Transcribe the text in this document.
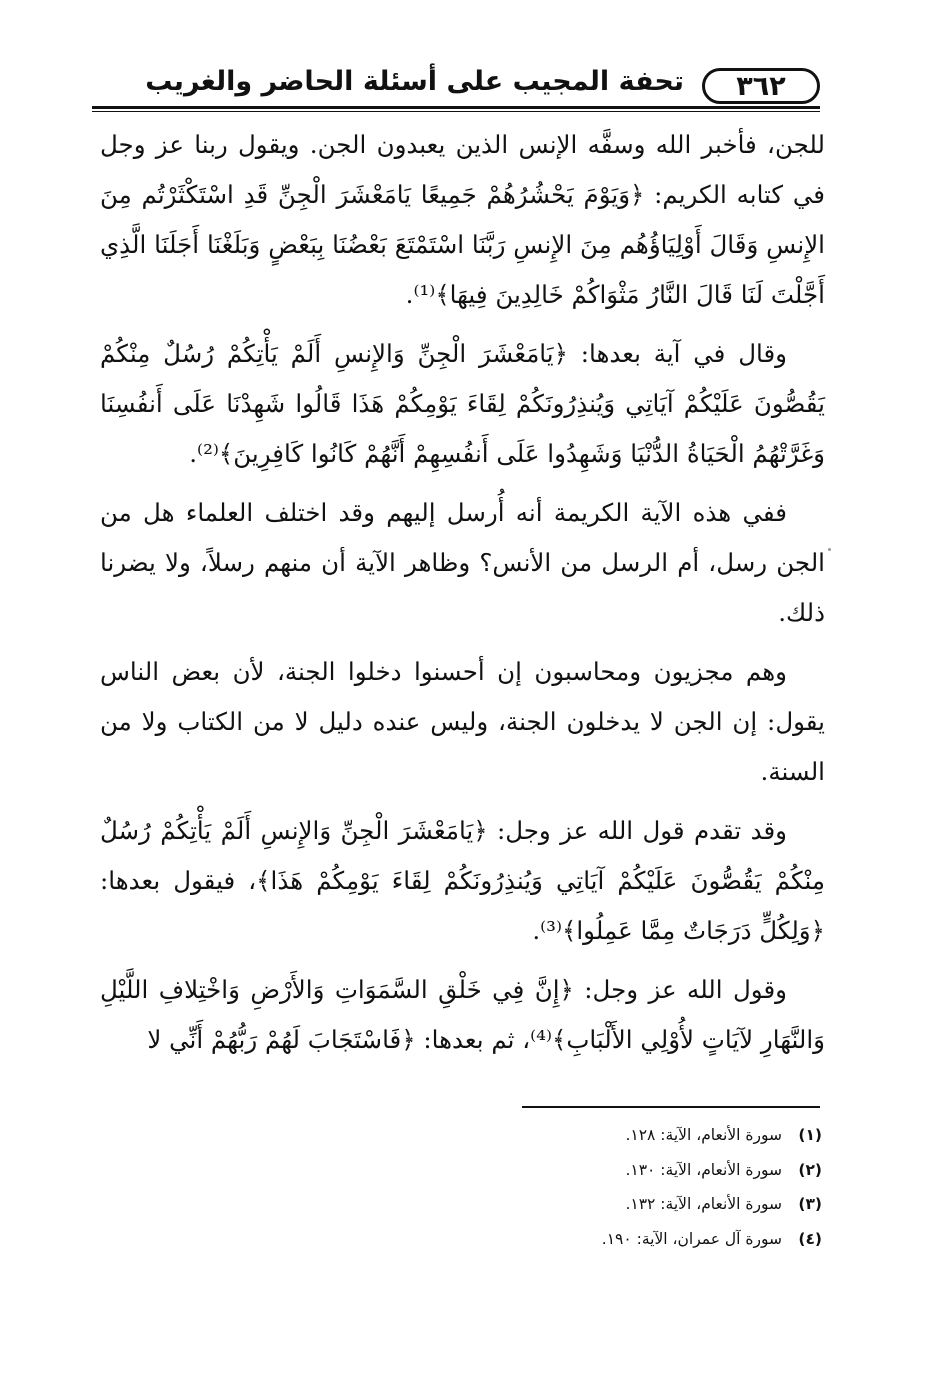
٣٦٢
تحفة المجيب على أسئلة الحاضر والغريب

للجن، فأخبر الله وسفَّه الإنس الذين يعبدون الجن. ويقول ربنا عز وجل في كتابه الكريم: ﴿وَيَوْمَ يَحْشُرُهُمْ جَمِيعًا يَامَعْشَرَ الْجِنِّ قَدِ اسْتَكْثَرْتُم مِنَ الإِنسِ وَقَالَ أَوْلِيَاؤُهُم مِنَ الإِنسِ رَبَّنَا اسْتَمْتَعَ بَعْضُنَا بِبَعْضٍ وَبَلَغْنَا أَجَلَنَا الَّذِي أَجَّلْتَ لَنَا قَالَ النَّارُ مَثْوَاكُمْ خَالِدِينَ فِيهَا﴾⁽¹⁾.

وقال في آية بعدها: ﴿يَامَعْشَرَ الْجِنِّ وَالإِنسِ أَلَمْ يَأْتِكُمْ رُسُلٌ مِنْكُمْ يَقُصُّونَ عَلَيْكُمْ آيَاتِي وَيُنذِرُونَكُمْ لِقَاءَ يَوْمِكُمْ هَذَا قَالُوا شَهِدْنَا عَلَى أَنفُسِنَا وَغَرَّتْهُمُ الْحَيَاةُ الدُّنْيَا وَشَهِدُوا عَلَى أَنفُسِهِمْ أَنَّهُمْ كَانُوا كَافِرِينَ﴾⁽²⁾.

ففي هذه الآية الكريمة أنه أُرسل إليهم وقد اختلف العلماء هل من الجن رسل، أم الرسل من الأنس؟ وظاهر الآية أن منهم رسلاً، ولا يضرنا ذلك.

وهم مجزيون ومحاسبون إن أحسنوا دخلوا الجنة، لأن بعض الناس يقول: إن الجن لا يدخلون الجنة، وليس عنده دليل لا من الكتاب ولا من السنة.

وقد تقدم قول الله عز وجل: ﴿يَامَعْشَرَ الْجِنِّ وَالإِنسِ أَلَمْ يَأْتِكُمْ رُسُلٌ مِنْكُمْ يَقُصُّونَ عَلَيْكُمْ آيَاتِي وَيُنذِرُونَكُمْ لِقَاءَ يَوْمِكُمْ هَذَا﴾، فيقول بعدها: ﴿وَلِكُلٍّ دَرَجَاتٌ مِمَّا عَمِلُوا﴾⁽³⁾.

وقول الله عز وجل: ﴿إِنَّ فِي خَلْقِ السَّمَوَاتِ وَالأَرْضِ وَاخْتِلافِ اللَّيْلِ وَالنَّهَارِ لآيَاتٍ لأُوْلِي الأَلْبَابِ﴾⁽⁴⁾، ثم بعدها: ﴿فَاسْتَجَابَ لَهُمْ رَبُّهُمْ أَنِّي لا

(١)
سورة الأنعام، الآية: ١٢٨.
(٢)
سورة الأنعام، الآية: ١٣٠.
(٣)
سورة الأنعام، الآية: ١٣٢.
(٤)
سورة آل عمران، الآية: ١٩٠.
